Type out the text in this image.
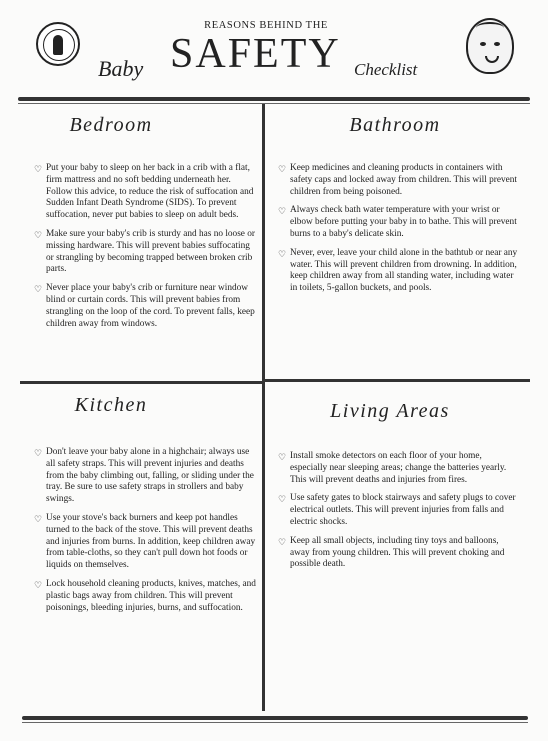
REASONS BEHIND THE
Baby SAFETY Checklist
Bedroom
♡ Put your baby to sleep on her back in a crib with a flat, firm mattress and no soft bedding underneath her. Follow this advice, to reduce the risk of suffocation and Sudden Infant Death Syndrome (SIDS). To prevent suffocation, never put babies to sleep on adult beds.
♡ Make sure your baby's crib is sturdy and has no loose or missing hardware. This will prevent babies suffocating or strangling by becoming trapped between broken crib parts.
♡ Never place your baby's crib or furniture near window blind or curtain cords. This will prevent babies from strangling on the loop of the cord. To prevent falls, keep children away from windows.
Bathroom
♡ Keep medicines and cleaning products in containers with safety caps and locked away from children. This will prevent children from being poisoned.
♡ Always check bath water temperature with your wrist or elbow before putting your baby in to bathe. This will prevent burns to a baby's delicate skin.
♡ Never, ever, leave your child alone in the bathtub or near any water. This will prevent children from drowning. In addition, keep children away from all standing water, including water in toilets, 5-gallon buckets, and pools.
Kitchen
♡ Don't leave your baby alone in a highchair; always use all safety straps. This will prevent injuries and deaths from the baby climbing out, falling, or sliding under the tray. Be sure to use safety straps in strollers and baby swings.
♡ Use your stove's back burners and keep pot handles turned to the back of the stove. This will prevent deaths and injuries from burns. In addition, keep children away from table-cloths, so they can't pull down hot foods or liquids on themselves.
♡ Lock household cleaning products, knives, matches, and plastic bags away from children. This will prevent poisonings, bleeding injuries, burns, and suffocation.
Living Areas
♡ Install smoke detectors on each floor of your home, especially near sleeping areas; change the batteries yearly. This will prevent deaths and injuries from fires.
♡ Use safety gates to block stairways and safety plugs to cover electrical outlets. This will prevent injuries from falls and electric shocks.
♡ Keep all small objects, including tiny toys and balloons, away from young children. This will prevent choking and possible death.
